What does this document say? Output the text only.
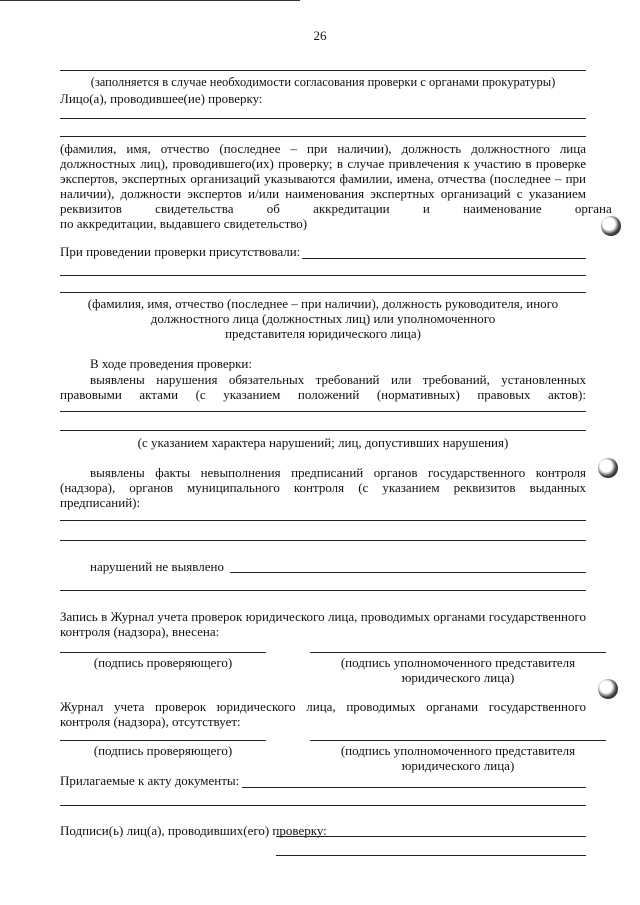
26
(заполняется в случае необходимости согласования проверки с органами прокуратуры)
Лицо(а), проводившее(ие) проверку:
(фамилия, имя, отчество (последнее – при наличии), должность должностного лица
должностных лиц), проводившего(их) проверку; в случае привлечения к участию в проверке
экспертов, экспертных организаций указываются фамилии, имена, отчества (последнее – при
наличии), должности экспертов и/или наименования экспертных организаций с указанием
реквизитов свидетельства об аккредитации и наименование органа
по аккредитации, выдавшего свидетельство)
При проведении проверки присутствовали:
(фамилия, имя, отчество (последнее – при наличии), должность руководителя, иного
должностного лица (должностных лиц) или уполномоченного
представителя юридического лица)
В ходе проведения проверки:
выявлены нарушения обязательных требований или требований, установленных
правовыми актами (с указанием положений (нормативных) правовых актов):
(с указанием характера нарушений; лиц, допустивших нарушения)
выявлены факты невыполнения предписаний органов государственного контроля
(надзора), органов муниципального контроля (с указанием реквизитов выданных
предписаний):
нарушений не выявлено
Запись в Журнал учета проверок юридического лица, проводимых органами государственного
контроля (надзора), внесена:
(подпись проверяющего)	(подпись уполномоченного представителя
юридического лица)
Журнал учета проверок юридического лица, проводимых органами государственного
контроля (надзора), отсутствует:
(подпись проверяющего)	(подпись уполномоченного представителя
юридического лица)
Прилагаемые к акту документы:
Подписи(ь) лиц(а), проводивших(его) проверку:
